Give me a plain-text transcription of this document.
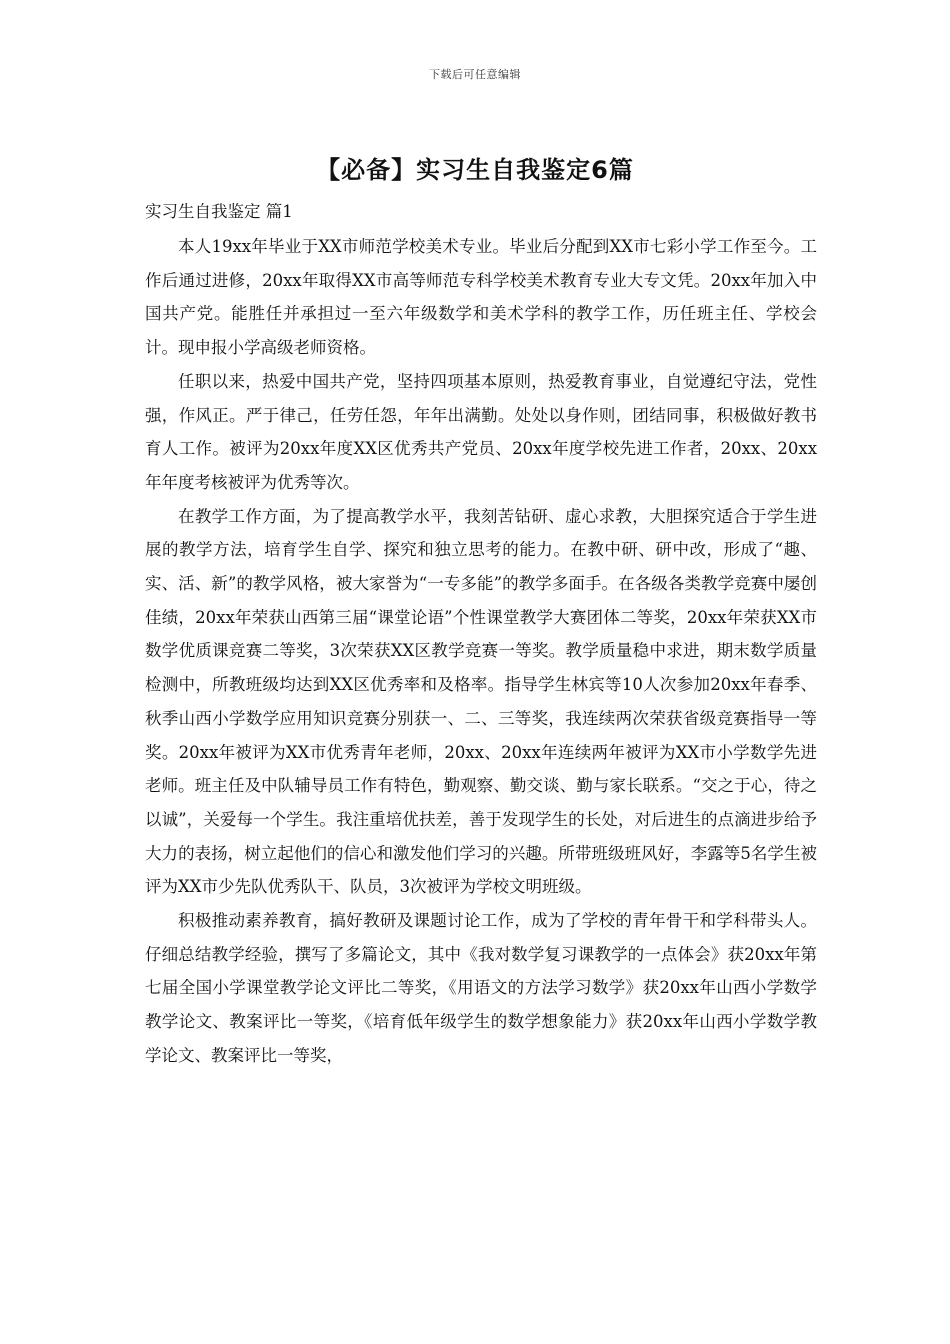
下载后可任意编辑
【必备】实习生自我鉴定6篇
实习生自我鉴定 篇1

本人19xx年毕业于XX市师范学校美术专业。毕业后分配到XX市七彩小学工作至今。工作后通过进修，20xx年取得XX市高等师范专科学校美术教育专业大专文凭。20xx年加入中国共产党。能胜任并承担过一至六年级数学和美术学科的教学工作，历任班主任、学校会计。现申报小学高级老师资格。

任职以来，热爱中国共产党，坚持四项基本原则，热爱教育事业，自觉遵纪守法，党性强，作风正。严于律己，任劳任怨，年年出满勤。处处以身作则，团结同事，积极做好教书育人工作。被评为20xx年度XX区优秀共产党员、20xx年度学校先进工作者，20xx、20xx年年度考核被评为优秀等次。

在教学工作方面，为了提高教学水平，我刻苦钻研、虚心求教，大胆探究适合于学生进展的教学方法，培育学生自学、探究和独立思考的能力。在教中研、研中改，形成了“趣、实、活、新”的教学风格，被大家誉为“一专多能”的教学多面手。在各级各类教学竞赛中屡创佳绩，20xx年荣获山西第三届“课堂论语”个性课堂教学大赛团体二等奖，20xx年荣获XX市数学优质课竞赛二等奖，3次荣获XX区教学竞赛一等奖。教学质量稳中求进，期末数学质量检测中，所教班级均达到XX区优秀率和及格率。指导学生林宾等10人次参加20xx年春季、秋季山西小学数学应用知识竞赛分别获一、二、三等奖，我连续两次荣获省级竞赛指导一等奖。20xx年被评为XX市优秀青年老师，20xx、20xx年连续两年被评为XX市小学数学先进老师。班主任及中队辅导员工作有特色，勤观察、勤交谈、勤与家长联系。“交之于心，待之以诚”，关爱每一个学生。我注重培优扶差，善于发现学生的长处，对后进生的点滴进步给予大力的表扬，树立起他们的信心和激发他们学习的兴趣。所带班级班风好，李露等5名学生被评为XX市少先队优秀队干、队员，3次被评为学校文明班级。

积极推动素养教育，搞好教研及课题讨论工作，成为了学校的青年骨干和学科带头人。仔细总结教学经验，撰写了多篇论文，其中《我对数学复习课教学的一点体会》获20xx年第七届全国小学课堂教学论文评比二等奖，《用语文的方法学习数学》获20xx年山西小学数学教学论文、教案评比一等奖，《培育低年级学生的数学想象能力》获20xx年山西小学数学教学论文、教案评比一等奖，
